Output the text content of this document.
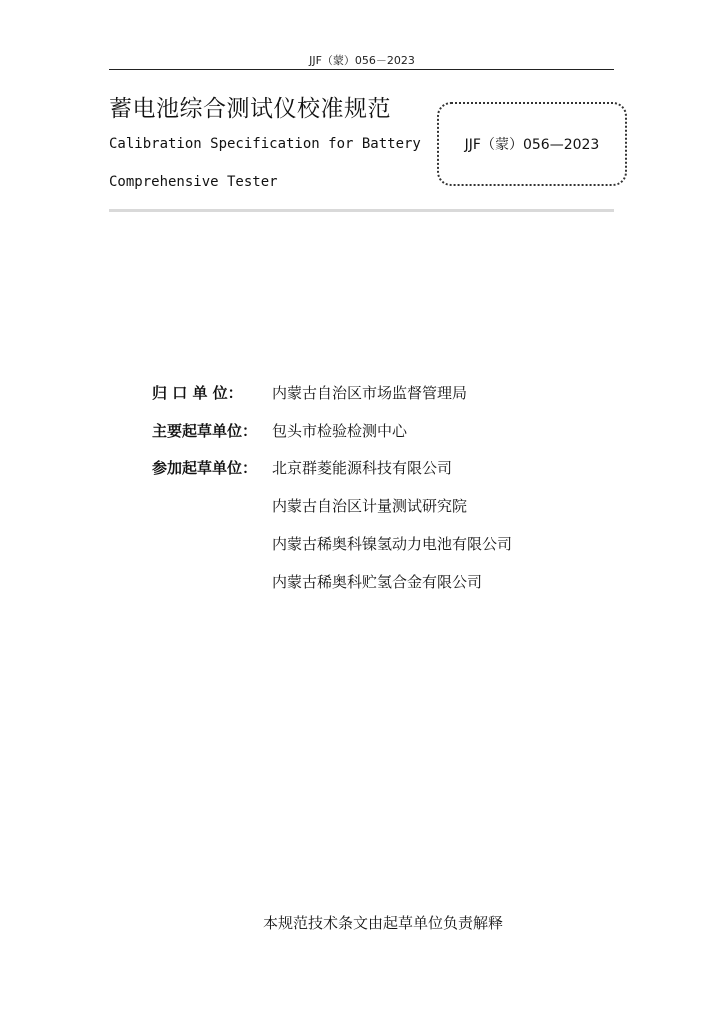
JJF（蒙）056－2023
蓄电池综合测试仪校准规范
Calibration Specification for Battery
Comprehensive Tester
JJF（蒙）056—2023
归 口 单 位： 内蒙古自治区市场监督管理局
主要起草单位： 包头市检验检测中心
参加起草单位： 北京群菱能源科技有限公司
内蒙古自治区计量测试研究院
内蒙古稀奥科镍氢动力电池有限公司
内蒙古稀奥科贮氢合金有限公司
本规范技术条文由起草单位负责解释
